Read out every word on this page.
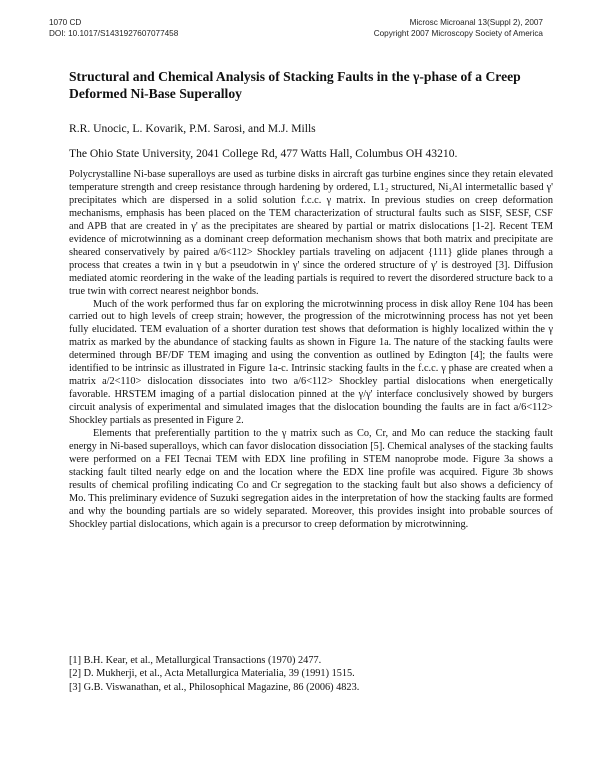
1070 CD
DOI: 10.1017/S1431927607077458
Microsc Microanal 13(Suppl 2), 2007
Copyright 2007 Microscopy Society of America
Structural and Chemical Analysis of Stacking Faults in the γ-phase of a Creep Deformed Ni-Base Superalloy
R.R. Unocic, L. Kovarik, P.M. Sarosi, and M.J. Mills
The Ohio State University, 2041 College Rd, 477 Watts Hall, Columbus OH 43210.

Polycrystalline Ni-base superalloys are used as turbine disks in aircraft gas turbine engines since they retain elevated temperature strength and creep resistance through hardening by ordered, L1₂ structured, Ni₃Al intermetallic based γ' precipitates which are dispersed in a solid solution f.c.c. γ matrix. In previous studies on creep deformation mechanisms, emphasis has been placed on the TEM characterization of structural faults such as SISF, SESF, CSF and APB that are created in γ' as the precipitates are sheared by partial or matrix dislocations [1-2]. Recent TEM evidence of microtwinning as a dominant creep deformation mechanism shows that both matrix and precipitate are sheared conservatively by paired a/6<112> Shockley partials traveling on adjacent {111} glide planes through a process that creates a twin in γ but a pseudotwin in γ' since the ordered structure of γ' is destroyed [3]. Diffusion mediated atomic reordering in the wake of the leading partials is required to revert the disordered structure back to a true twin with correct nearest neighbor bonds.

Much of the work performed thus far on exploring the microtwinning process in disk alloy Rene 104 has been carried out to high levels of creep strain; however, the progression of the microtwinning process has not yet been fully elucidated. TEM evaluation of a shorter duration test shows that deformation is highly localized within the γ matrix as marked by the abundance of stacking faults as shown in Figure 1a. The nature of the stacking faults were determined through BF/DF TEM imaging and using the convention as outlined by Edington [4]; the faults were identified to be intrinsic as illustrated in Figure 1a-c. Intrinsic stacking faults in the f.c.c. γ phase are created when a matrix a/2<110> dislocation dissociates into two a/6<112> Shockley partial dislocations when energetically favorable. HRSTEM imaging of a partial dislocation pinned at the γ/γ' interface conclusively showed by burgers circuit analysis of experimental and simulated images that the dislocation bounding the faults are in fact a/6<112> Shockley partials as presented in Figure 2.

Elements that preferentially partition to the γ matrix such as Co, Cr, and Mo can reduce the stacking fault energy in Ni-based superalloys, which can favor dislocation dissociation [5]. Chemical analyses of the stacking faults were performed on a FEI Tecnai TEM with EDX line profiling in STEM nanoprobe mode. Figure 3a shows a stacking fault tilted nearly edge on and the location where the EDX line profile was acquired. Figure 3b shows results of chemical profiling indicating Co and Cr segregation to the stacking fault but also shows a deficiency of Mo. This preliminary evidence of Suzuki segregation aides in the interpretation of how the stacking faults are formed and why the bounding partials are so widely separated. Moreover, this provides insight into probable sources of Shockley partial dislocations, which again is a precursor to creep deformation by microtwinning.

[1] B.H. Kear, et al., Metallurgical Transactions (1970) 2477.
[2] D. Mukherji, et al., Acta Metallurgica Materialia, 39 (1991) 1515.
[3] G.B. Viswanathan, et al., Philosophical Magazine, 86 (2006) 4823.
